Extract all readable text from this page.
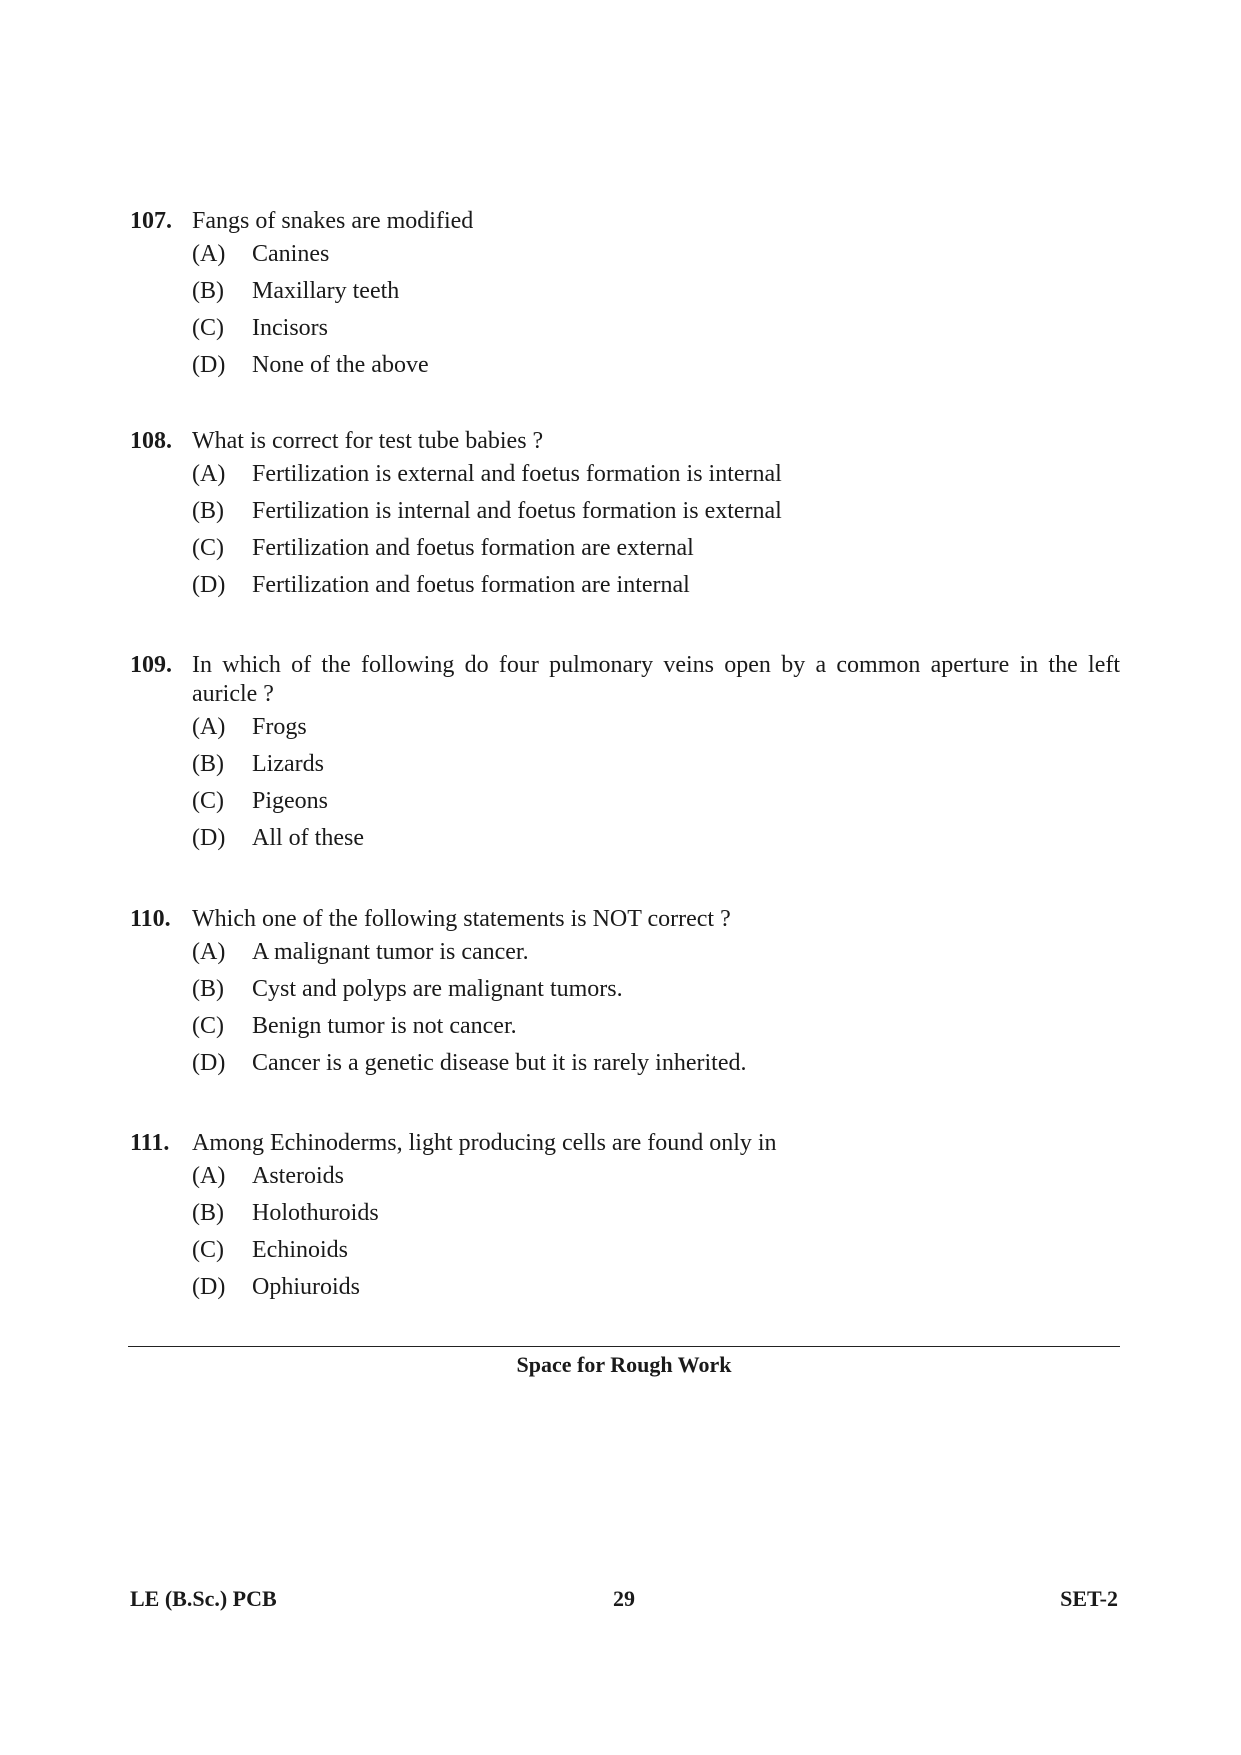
107. Fangs of snakes are modified
(A)	Canines
(B)	Maxillary teeth
(C)	Incisors
(D)	None of the above
108. What is correct for test tube babies ?
(A)	Fertilization is external and foetus formation is internal
(B)	Fertilization is internal and foetus formation is external
(C)	Fertilization and foetus formation are external
(D)	Fertilization and foetus formation are internal
109. In which of the following do four pulmonary veins open by a common aperture in the left auricle ?
(A)	Frogs
(B)	Lizards
(C)	Pigeons
(D)	All of these
110. Which one of the following statements is NOT correct ?
(A)	A malignant tumor is cancer.
(B)	Cyst and polyps are malignant tumors.
(C)	Benign tumor is not cancer.
(D)	Cancer is a genetic disease but it is rarely inherited.
111. Among Echinoderms, light producing cells are found only in
(A)	Asteroids
(B)	Holothuroids
(C)	Echinoids
(D)	Ophiuroids
Space for Rough Work
LE (B.Sc.) PCB	29	SET-2
